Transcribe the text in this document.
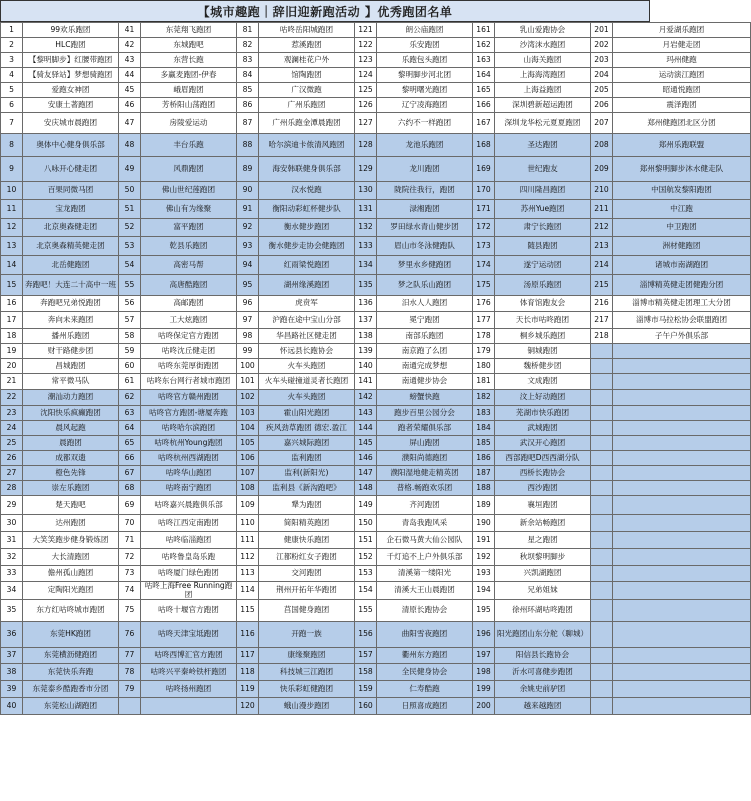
【城市趣跑｜辞旧迎新跑活动 】优秀跑团名单
1	99欢乐跑团	41	东莞翔飞跑团	81	咕咚岳阳城跑团	121	朗公庙跑团	161	乳山爱跑协会	201	月爱湖乐跑团
2	HLC跑团	42	东城跑吧	82	惹溪跑团	122	乐安跑团	162	沙湾沫水跑团	202	月岩健走团
3	【黎明脚步】红腰带跑团	43	东营长跑	83	观澜桂花户外	123	乐跑包头跑团	163	山海关跑团	203	玛州健跑
4	【骑友驿站】梦想骑跑团	44	多赢麦跑团-伊春	84	馆陶跑团	124	黎明脚步河北团	164	上海海湾跑团	204	运动演江跑团
5	爱跑女神团	45	峨眉跑团	85	广汉微跑	125	黎明曙光跑团	165	上海益跑团	205	昭通悦跑团
6	安康土著跑团	46	芳桥阳山荡跑团	86	广州乐跑团	126	辽宁凌海跑团	166	深圳碧新超运跑团	206	震泽跑团
7	安庆城市晨跑团	47	房陵爱运动	87	广州乐跑金潭晨跑团	127	六约不一样跑团	167	深圳龙华松元夏夏跑团	207	郑州健跑团北区分团
8	奥体中心健身俱乐部	48	丰台乐跑	88	哈尔滨迪卡侬清风跑团	128	龙池乐跑团	168	圣达跑团	208	郑州乐跑联盟
9	八咏开心健走团	49	风鼎跑团	89	海安韩联健身俱乐部	129	龙川跑团	169	世纪跑友	209	郑州黎明脚步沐水健走队
10	百果同微马团	50	佛山世纪莲跑团	90	汉水悦跑	130	陇院往我行，跑团	170	四川隆昌跑团	210	中国航发黎阳跑团
11	宝龙跑团	51	佛山有为缘聚	91	衡阳动彩虹杯健步队	131	渌湘跑团	171	苏州Yue跑团	211	中江跑
12	北京奥森健走团	52	富平跑团	92	衡水健步跑团	132	罗田绿水青山健步团	172	肃宁长跑团	212	中卫跑团
13	北京奥森精英健走团	53	乾县乐跑团	93	衡水健步走协会健跑团	133	眉山市冬泳健跑队	173	随县跑团	213	洲材健跑团
14	北岳健跑团	54	高密马帮	94	红雨梁悦跑团	134	梦里水乡健跑团	174	遂宁运动团	214	诸城市南湖跑团
15	奔跑吧！大连二十高中一班	55	高唐酷跑团	95	湖州缘溪跑团	135	梦之队乐山跑团	175	汤原乐跑团	215	淄博精英健走团健跑分团
16	奔跑吧兄弟悦跑团	56	高邮跑团	96	虎贲军	136	汨水人人跑团	176	体育馆跑友会	216	淄博市精英健走团理工大分团
17	奔向未来跑团	57	工大炫跑团	97	沪跑在途中宝山分部	137	冕宁跑团	177	天长市咕咚跑团	217	淄博市马拉松协会联盟跑团
18	播州乐跑团	58	咕咚保定官方跑团	98	华昌路社区健走团	138	南部乐跑团	178	桐乡城乐跑团	218	子午户外俱乐部
19	财干路健步团	59	咕咚沈丘健走团	99	怀远县长跑协会	139	南京跑了么团	179	铜城跑团		
20	昌城跑团	60	咕咚东莞厚街跑团	100	火车头跑团	140	南通完成梦想	180	魏桥健步团		
21	常平微马队	61	咕咚东台网行者城市跑团	101	火车头碰撞道灵者长跑团	141	南通健步协会	181	文成跑团		
22	潮汕动力跑团	62	咕咚官方赣州跑团	102	火车头跑团	142	螃蟹快跑	182	汶上好动跑团		
23	沈阳快乐疯癫跑团	63	咕咚官方跑团-塘厦奔跑	103	霍山阳光跑团	143	跑步百里公园分会	183	芜湖市快乐跑团		
24	晨风起跑	64	咕咚哈尔滨跑团	104	疾风劲草跑团 德宏.盈江	144	跑者荣耀俱乐部	184	武城跑团		
25	晨跑团	65	咕咚杭州Young跑团	105	嘉兴城际跑团	145	屏山跑团	185	武汉开心跑团		
26	成都双遗	66	咕咚杭州西湖跑团	106	监利跑团	146	濮阳尚德跑团	186	西部跑吧D西西湖分队		
27	橙色先锋	67	咕咚华山跑团	107	监利(新阳光)	147	濮阳湿地健走精英团	187	西桥长跑协会		
28	崇左乐跑团	68	咕咚南宁跑团	108	监利县《新沟跑吧》	148	普格.畅跑欢乐团	188	西沙跑团		
29	楚天跑吧	69	咕咚嘉兴晨跑俱乐部	109	犟为跑团	149	齐河跑团	189	襄垣跑团		
30	达州跑团	70	咕咚江西定南跑团	110	简阳精英跑团	150	青岛我跑风采	190	新余站畅跑团		
31	大笑笑跑步健身锻炼团	71	咕咚临淄跑团	111	健康快乐跑团	151	企石微马黄大仙公园队	191	星之跑团		
32	大长清跑团	72	咕咚鲁皇岛乐跑	112	江都粉红女子跑团	152	千灯追不上户外俱乐部	192	秋坝黎明脚步		
33	儋州孤山跑团	73	咕咚厦门绿色跑团	113	交河跑团	153	清溪第一缕阳光	193	兴凯湖跑团		
34	定陶阳光跑团	74	咕咚上海Free Running跑团	114	荆州开拓年华跑团	154	清溪大王山晨跑团	194	兄弟姐妹		
35	东方红咕咚城市跑团	75	咕咚十堰官方跑团	115	莒国健身跑团	155	清原长跑协会	195	徐州环湖咕咚跑团		
36	东莞HK跑团	76	咕咚天津宝坻跑团	116	开跑一族	156	曲阳雪夜跑团	196	阳光跑团山东分舵（聊城）		
37	东莞横沥健跑团	77	咕咚西博汇官方跑团	117	康缘聚跑团	157	衢州东方跑团	197	阳信县长跑协会		
38	东莞快乐奔跑	78	咕咚兴平秦岭铁杆跑团	118	科技城三江跑团	158	全民健身协会	198	沂水可喜健步跑团		
39	东莞泰乡酷跑香市分团	79	咕咚扬州跑团	119	快乐彩虹健跑团	159	仁寿酷跑	199	余姚史前驴团		
40	东莞松山湖跑团			120	蛾山漫步跑团	160	日照喜成跑团	200	越来越跑团		
